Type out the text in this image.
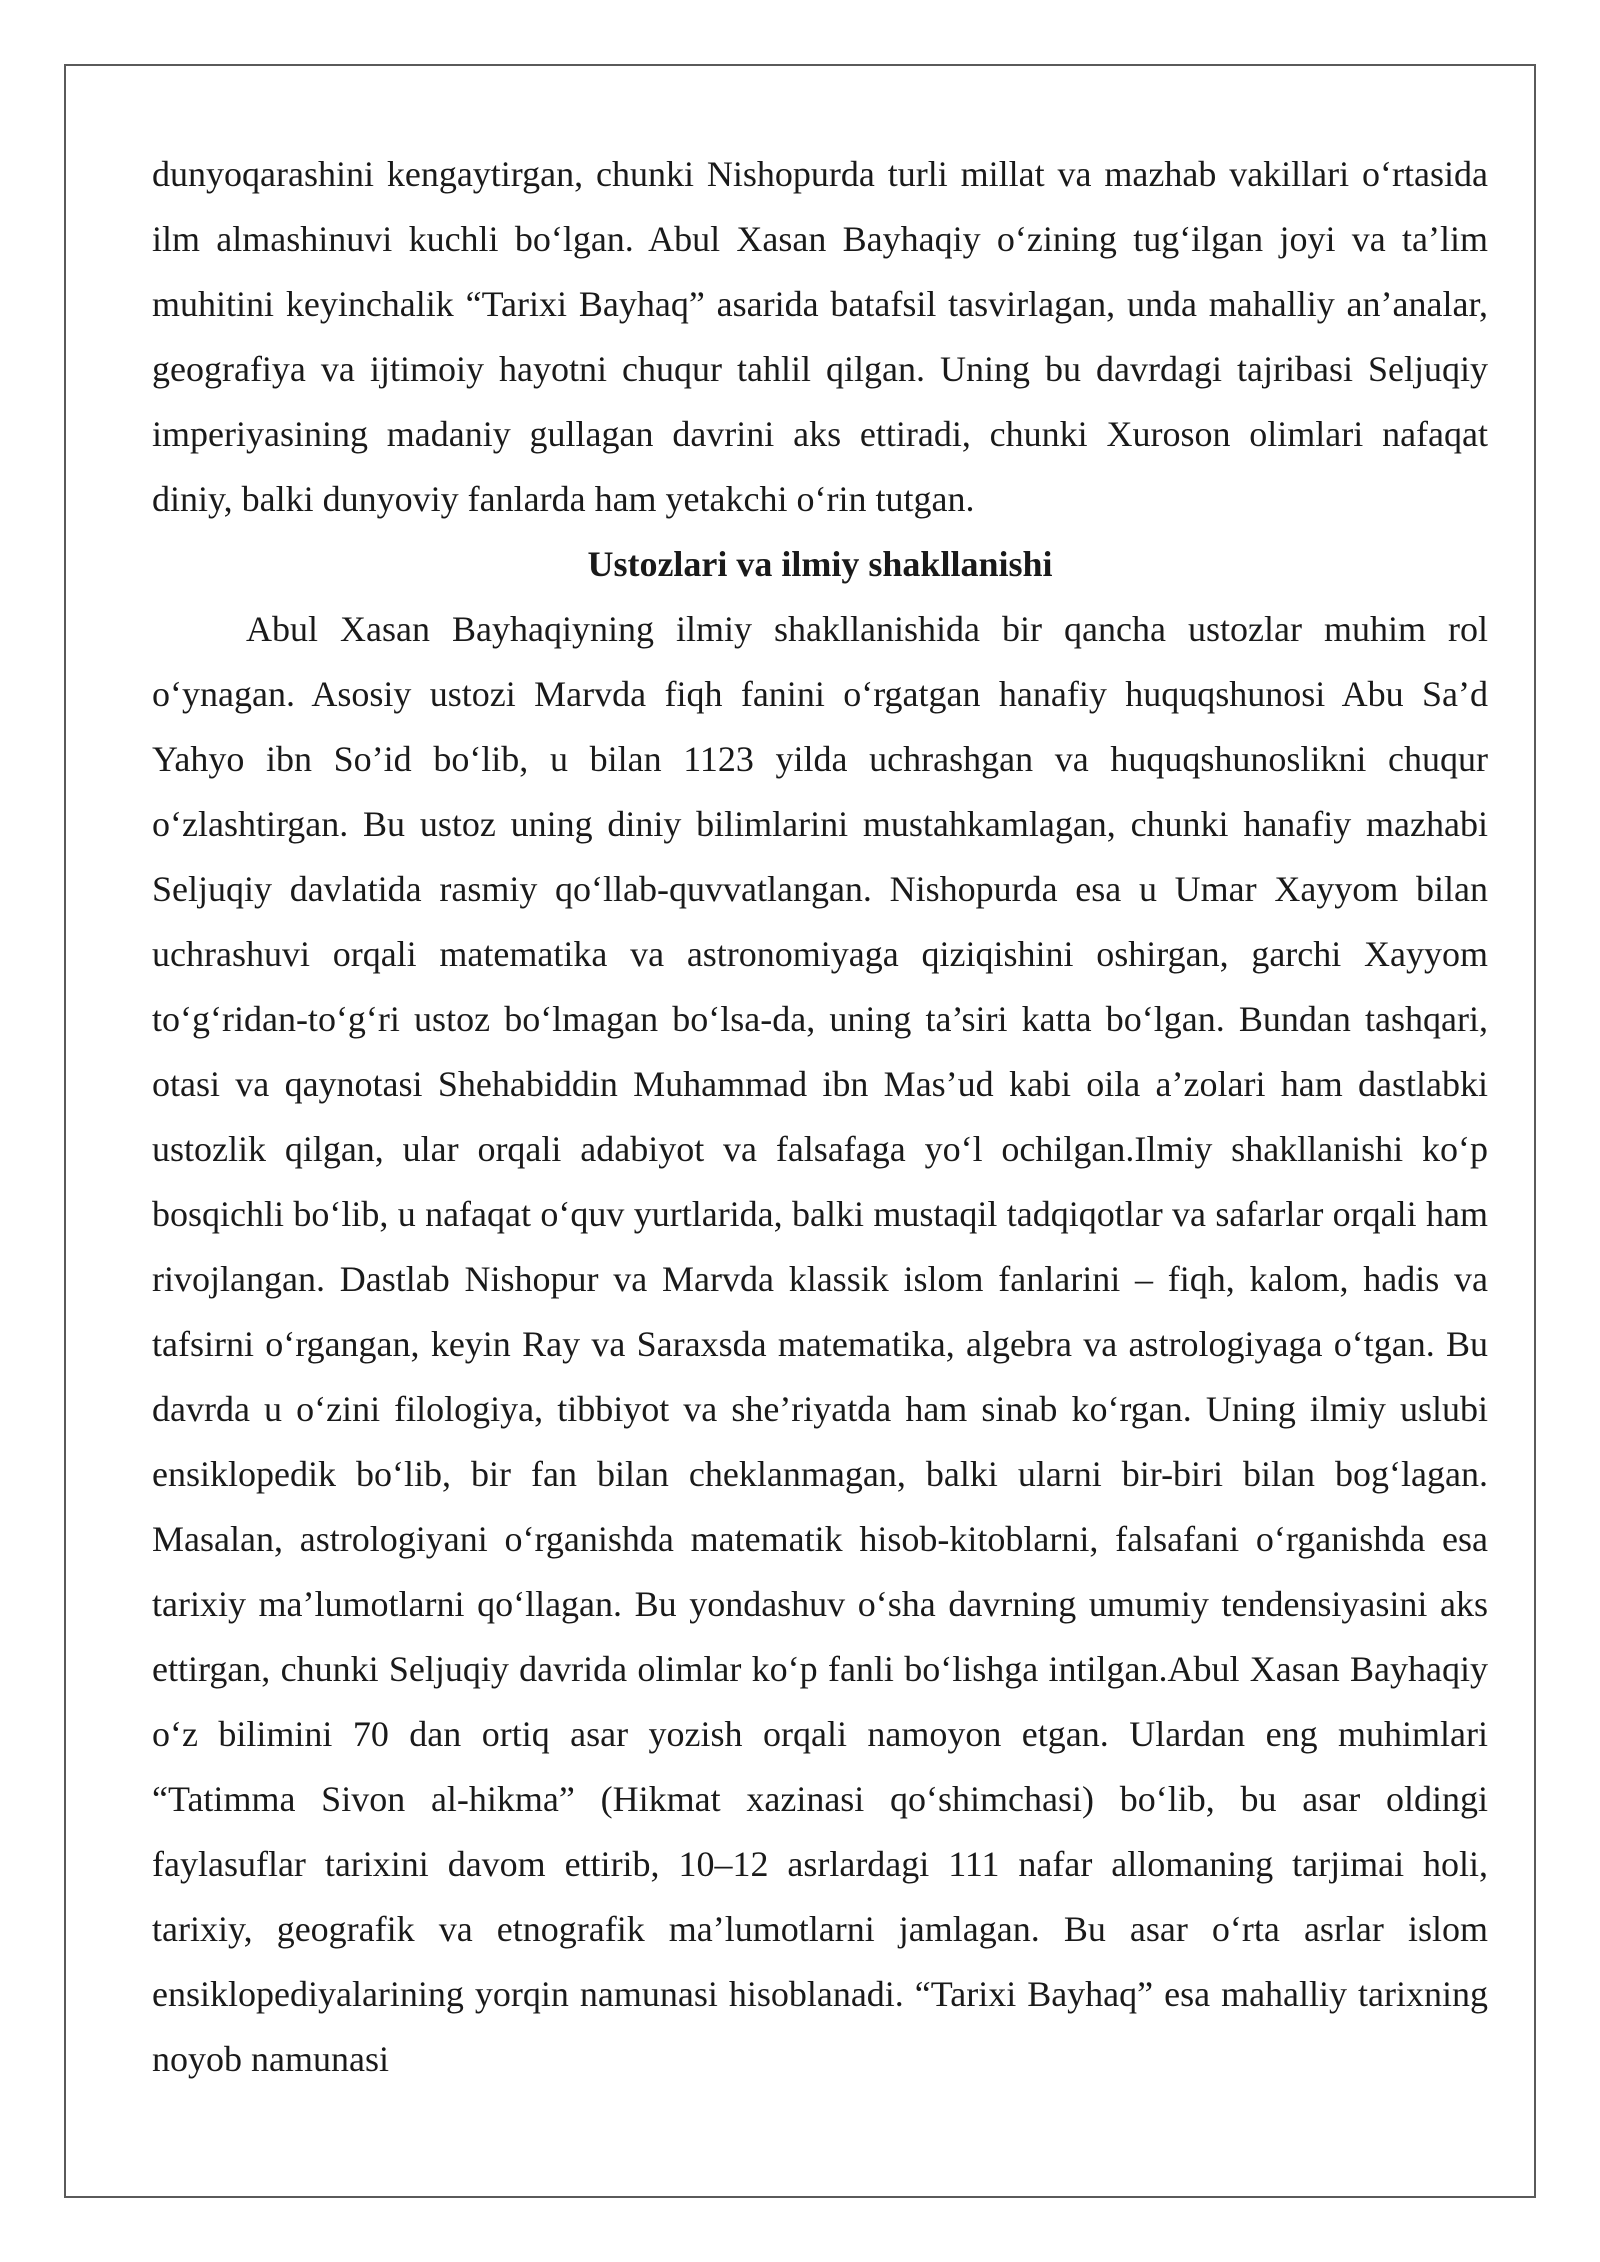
dunyoqarashini kengaytirgan, chunki Nishopurda turli millat va mazhab vakillari oʻrtasida ilm almashinuvi kuchli boʻlgan. Abul Xasan Bayhaqiy oʻzining tugʻilgan joyi va ta’lim muhitini keyinchalik “Tarixi Bayhaq” asarida batafsil tasvirlagan, unda mahalliy an’analar, geografiya va ijtimoiy hayotni chuqur tahlil qilgan. Uning bu davrdagi tajribasi Seljuqiy imperiyasining madaniy gullagan davrini aks ettiradi, chunki Xuroson olimlari nafaqat diniy, balki dunyoviy fanlarda ham yetakchi oʻrin tutgan.

Ustozlari va ilmiy shakllanishi

Abul Xasan Bayhaqiyning ilmiy shakllanishida bir qancha ustozlar muhim rol oʻynagan. Asosiy ustozi Marvda fiqh fanini oʻrgatgan hanafiy huquqshunosi Abu Sa’d Yahyo ibn So’id boʻlib, u bilan 1123 yilda uchrashgan va huquqshunoslikni chuqur oʻzlashtirgan. Bu ustoz uning diniy bilimlarini mustahkamlagan, chunki hanafiy mazhabi Seljuqiy davlatida rasmiy qoʻllab-quvvatlangan. Nishopurda esa u Umar Xayyom bilan uchrashuvi orqali matematika va astronomiyaga qiziqishini oshirgan, garchi Xayyom toʻgʻridan-toʻgʻri ustoz boʻlmagan boʻlsa-da, uning ta’siri katta boʻlgan. Bundan tashqari, otasi va qaynotasi Shehabiddin Muhammad ibn Mas’ud kabi oila a’zolari ham dastlabki ustozlik qilgan, ular orqali adabiyot va falsafaga yoʻl ochilgan.Ilmiy shakllanishi koʻp bosqichli boʻlib, u nafaqat oʻquv yurtlarida, balki mustaqil tadqiqotlar va safarlar orqali ham rivojlangan. Dastlab Nishopur va Marvda klassik islom fanlarini – fiqh, kalom, hadis va tafsirni oʻrgangan, keyin Ray va Saraxsda matematika, algebra va astrologiyaga oʻtgan. Bu davrda u oʻzini filologiya, tibbiyot va she’riyatda ham sinab koʻrgan. Uning ilmiy uslubi ensiklopedik boʻlib, bir fan bilan cheklanmagan, balki ularni bir-biri bilan bogʻlagan. Masalan, astrologiyani oʻrganishda matematik hisob-kitoblarni, falsafani oʻrganishda esa tarixiy ma’lumotlarni qoʻllagan. Bu yondashuv oʻsha davrning umumiy tendensiyasini aks ettirgan, chunki Seljuqiy davrida olimlar koʻp fanli boʻlishga intilgan.Abul Xasan Bayhaqiy oʻz bilimini 70 dan ortiq asar yozish orqali namoyon etgan. Ulardan eng muhimlari “Tatimma Sivon al-hikma” (Hikmat xazinasi qoʻshimchasi) boʻlib, bu asar oldingi faylasuflar tarixini davom ettirib, 10–12 asrlardagi 111 nafar allomaning tarjimai holi, tarixiy, geografik va etnografik ma’lumotlarni jamlagan. Bu asar oʻrta asrlar islom ensiklopediyalarining yorqin namunasi hisoblanadi. “Tarixi Bayhaq” esa mahalliy tarixning noyob namunasi
